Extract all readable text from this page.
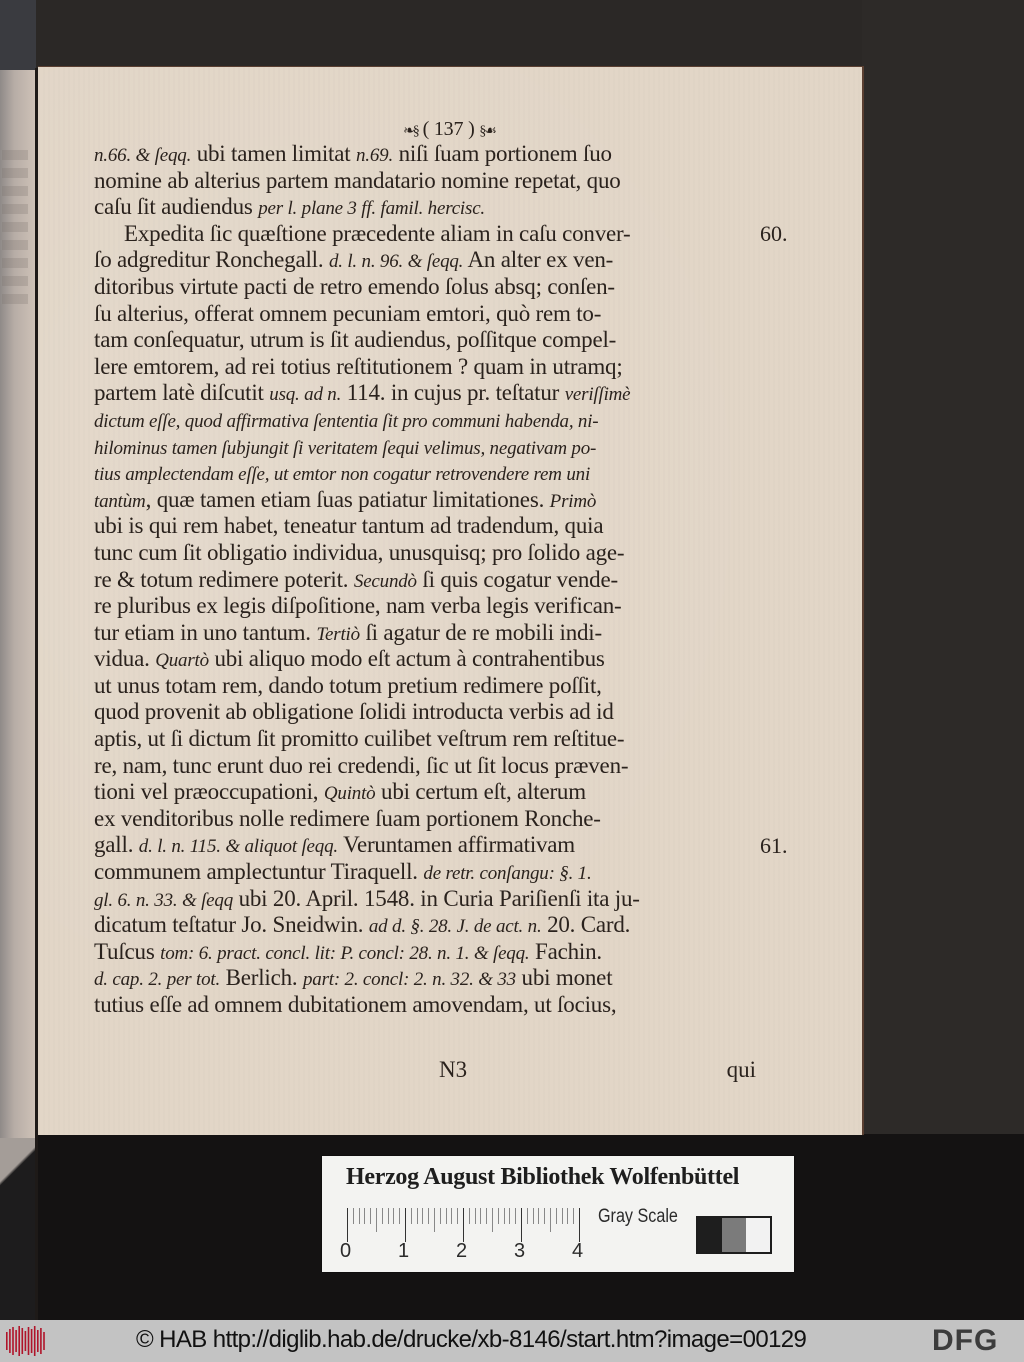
❧§ ( 137 ) §☙
n.66. & ſeqq. ubi tamen limitat n.69. niſi ſuam portionem ſuo
nomine ab alterius partem mandatario nomine repetat, quo
caſu ſit audiendus per l. plane 3 ff. famil. hercisc.
Expedita ſic quæſtione præcedente aliam in caſu conver-
ſo adgreditur Ronchegall. d. l. n. 96. & ſeqq. An alter ex ven-
ditoribus virtute pacti de retro emendo ſolus absq; conſen-
ſu alterius, offerat omnem pecuniam emtori, quò rem to-
tam conſequatur, utrum is ſit audiendus, poſſitque compel-
lere emtorem, ad rei totius reſtitutionem ? quam in utramq;
partem latè diſcutit usq. ad n. 114. in cujus pr. teſtatur veriſſimè
dictum eſſe, quod affirmativa ſententia ſit pro communi habenda, ni-
hilominus tamen ſubjungit ſi veritatem ſequi velimus, negativam po-
tius amplectendam eſſe, ut emtor non cogatur retrovendere rem uni
tantùm, quæ tamen etiam ſuas patiatur limitationes. Primò
ubi is qui rem habet, teneatur tantum ad tradendum, quia
tunc cum ſit obligatio individua, unusquisq; pro ſolido age-
re & totum redimere poterit. Secundò ſi quis cogatur vende-
re pluribus ex legis diſpoſitione, nam verba legis verifican-
tur etiam in uno tantum. Tertiò ſi agatur de re mobili indi-
vidua. Quartò ubi aliquo modo eſt actum à contrahentibus
ut unus totam rem, dando totum pretium redimere poſſit,
quod provenit ab obligatione ſolidi introducta verbis ad id
aptis, ut ſi dictum ſit promitto cuilibet veſtrum rem reſtitue-
re, nam, tunc erunt duo rei credendi, ſic ut ſit locus præven-
tioni vel præoccupationi, Quintò ubi certum eſt, alterum
ex venditoribus nolle redimere ſuam portionem Ronche-
gall. d. l. n. 115. & aliquot ſeqq. Veruntamen affirmativam
communem amplectuntur Tiraquell. de retr. conſangu: §. 1.
gl. 6. n. 33. & ſeqq ubi 20. April. 1548. in Curia Pariſienſi ita ju-
dicatum teſtatur Jo. Sneidwin. ad d. §. 28. J. de act. n. 20. Card.
Tuſcus tom: 6. pract. concl. lit: P. concl: 28. n. 1. & ſeqq. Fachin.
d. cap. 2. per tot. Berlich. part: 2. concl: 2. n. 32. & 33 ubi monet
tutius eſſe ad omnem dubitationem amovendam, ut ſocius,
60.
61.
N3	qui
Herzog August Bibliothek Wolfenbüttel
0 1 2 3 4
Gray Scale
© HAB http://diglib.hab.de/drucke/xb-8146/start.htm?image=00129	DFG
